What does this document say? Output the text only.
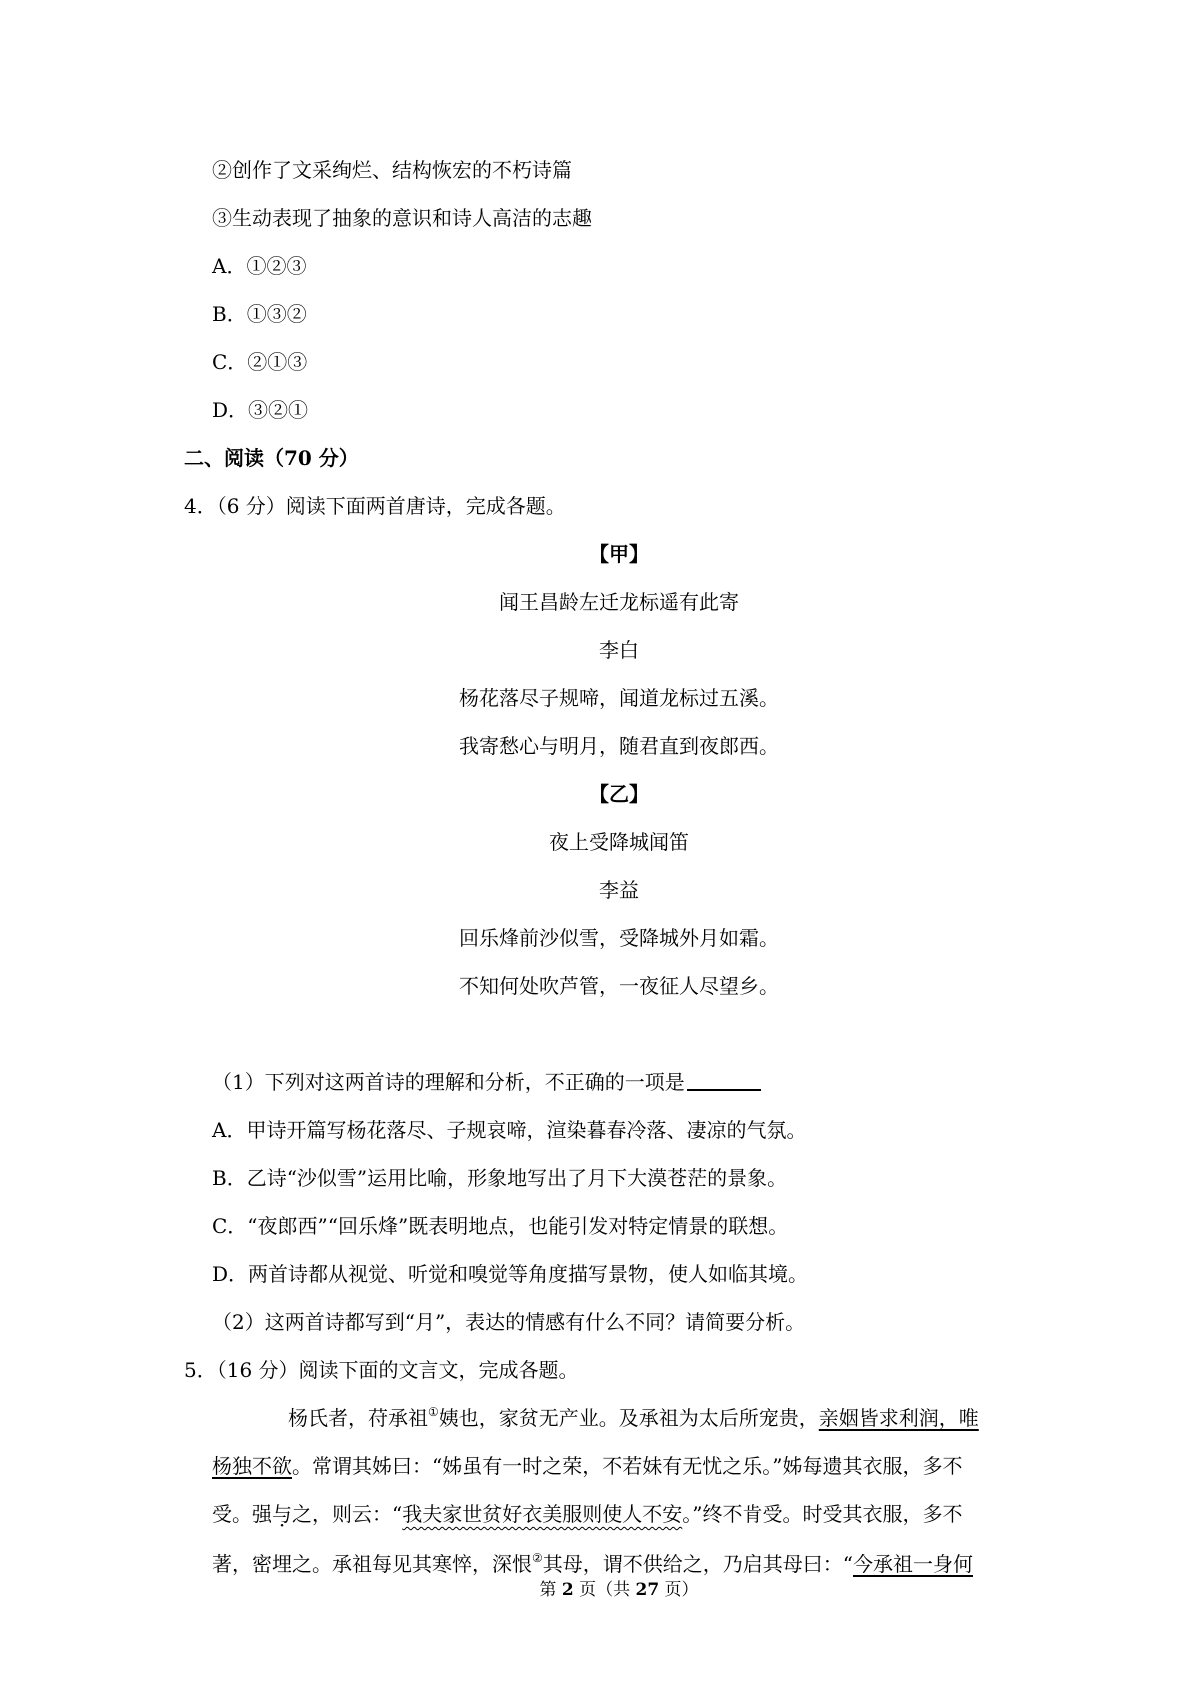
②创作了文采绚烂、结构恢宏的不朽诗篇
③生动表现了抽象的意识和诗人高洁的志趣
A．①②③
B．①③②
C．②①③
D．③②①
二、阅读（70 分）
4．（6 分）阅读下面两首唐诗，完成各题。
【甲】
闻王昌龄左迁龙标遥有此寄
李白
杨花落尽子规啼，闻道龙标过五溪。
我寄愁心与明月，随君直到夜郎西。
【乙】
夜上受降城闻笛
李益
回乐烽前沙似雪，受降城外月如霜。
不知何处吹芦管，一夜征人尽望乡。
（1）下列对这两首诗的理解和分析，不正确的一项是
A．甲诗开篇写杨花落尽、子规哀啼，渲染暮春冷落、凄凉的气氛。
B．乙诗“沙似雪”运用比喻，形象地写出了月下大漠苍茫的景象。
C．“夜郎西”“回乐烽”既表明地点，也能引发对特定情景的联想。
D．两首诗都从视觉、听觉和嗅觉等角度描写景物，使人如临其境。
（2）这两首诗都写到“月”，表达的情感有什么不同？请简要分析。
5．（16 分）阅读下面的文言文，完成各题。
杨氏者，苻承祖①姨也，家贫无产业。及承祖为太后所宠贵，亲姻皆求利润，唯
杨独不欲。常谓其姊曰：“姊虽有一时之荣，不若妹有无忧之乐。”姊每遗其衣服，多不
受。强与之，则云：“我夫家世贫好衣美服则使人不安。”终不肯受。时受其衣服，多不
著，密埋之。承祖每见其寒悴，深恨②其母，谓不供给之，乃启其母曰：“今承祖一身何
第 2 页（共 27 页）
